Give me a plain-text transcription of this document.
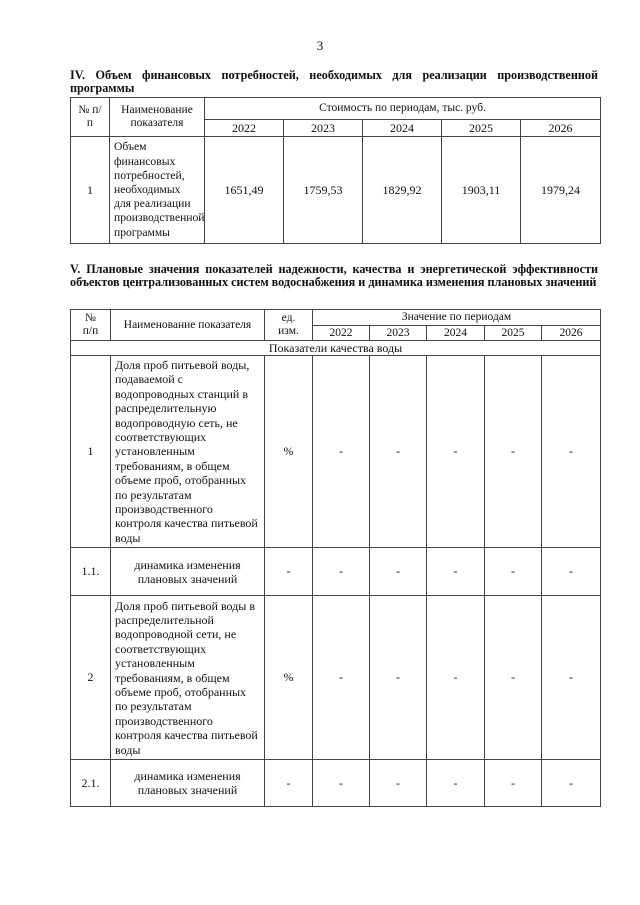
3
IV. Объем финансовых потребностей, необходимых для реализации производственной программы
№ п/п	Наименование показателя	Стоимость по периодам, тыс. руб.				
		2022	2023	2024	2025	2026
1	Объем финансовых потребностей, необходимых для реализации производственной программы	1651,49	1759,53	1829,92	1903,11	1979,24
V. Плановые значения показателей надежности, качества и энергетической эффективности объектов централизованных систем водоснабжения и динамика изменения плановых значений
№ п/п	Наименование показателя	ед. изм.	Значение по периодам				
			2022	2023	2024	2025	2026
Показатели качества воды							
1	Доля проб питьевой воды, подаваемой с водопроводных станций в распределительную водопроводную сеть, не соответствующих установленным требованиям, в общем объеме проб, отобранных по результатам производственного контроля качества питьевой воды	%	-	-	-	-	-
1.1.	динамика изменения плановых значений	-	-	-	-	-	-
2	Доля проб питьевой воды в распределительной водопроводной сети, не соответствующих установленным требованиям, в общем объеме проб, отобранных по результатам производственного контроля качества питьевой воды	%	-	-	-	-	-
2.1.	динамика изменения плановых значений	-	-	-	-	-	-
